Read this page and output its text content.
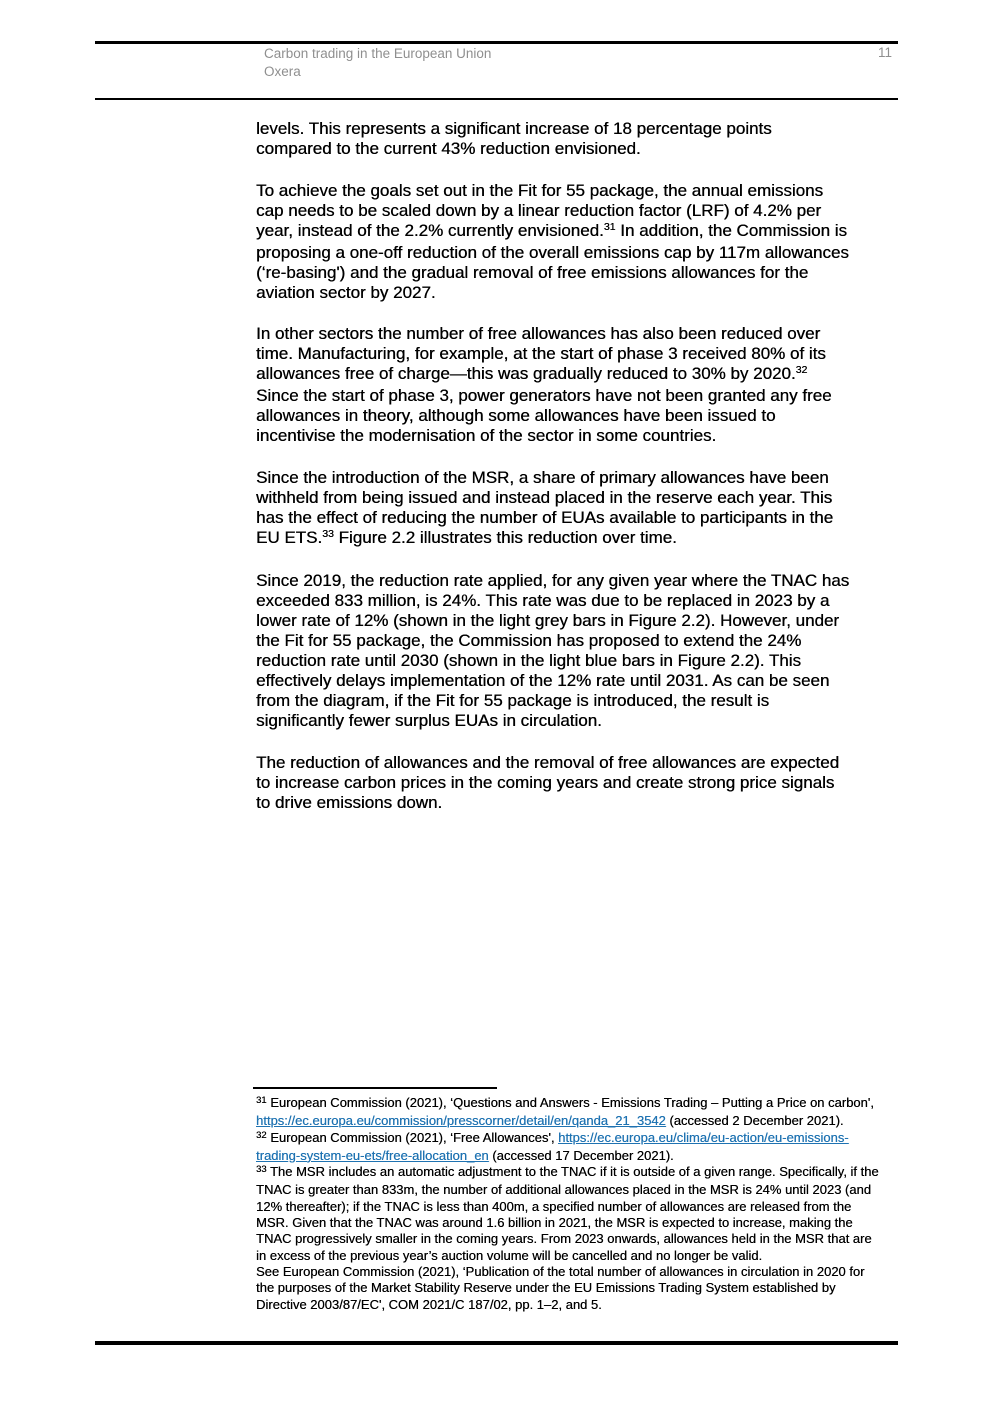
Carbon trading in the European Union
Oxera
11
levels. This represents a significant increase of 18 percentage points
compared to the current 43% reduction envisioned.
To achieve the goals set out in the Fit for 55 package, the annual emissions
cap needs to be scaled down by a linear reduction factor (LRF) of 4.2% per
year, instead of the 2.2% currently envisioned.$^{31}$ In addition, the Commission is
proposing a one-off reduction of the overall emissions cap by 117m allowances
(‘re-basing') and the gradual removal of free emissions allowances for the
aviation sector by 2027.
In other sectors the number of free allowances has also been reduced over
time. Manufacturing, for example, at the start of phase 3 received 80% of its
allowances free of charge—this was gradually reduced to 30% by 2020.32
Since the start of phase 3, power generators have not been granted any free
allowances in theory, although some allowances have been issued to
incentivise the modernisation of the sector in some countries.
Since the introduction of the MSR, a share of primary allowances have been
withheld from being issued and instead placed in the reserve each year. This
has the effect of reducing the number of EUAs available to participants in the
EU ETS.$^{33}$ Figure 2.2 illustrates this reduction over time.
Since 2019, the reduction rate applied, for any given year where the TNAC has
exceeded 833 million, is 24%. This rate was due to be replaced in 2023 by a
lower rate of 12% (shown in the light grey bars in Figure 2.2). However, under
the Fit for 55 package, the Commission has proposed to extend the 24%
reduction rate until 2030 (shown in the light blue bars in Figure 2.2). This
effectively delays implementation of the 12% rate until 2031. As can be seen
from the diagram, if the Fit for 55 package is introduced, the result is
significantly fewer surplus EUAs in circulation.
The reduction of allowances and the removal of free allowances are expected
to increase carbon prices in the coming years and create strong price signals
to drive emissions down.
$^{31}$ European Commission (2021), ‘Questions and Answers - Emissions Trading – Putting a Price on carbon',
https://ec.europa.eu/commission/presscorner/detail/en/qanda_21_3542 (accessed 2 December 2021).
$^{32}$ European Commission (2021), ‘Free Allowances', https://ec.europa.eu/clima/eu-action/eu-emissions-
trading-system-eu-ets/free-allocation_en (accessed 17 December 2021).
$^{33}$ The MSR includes an automatic adjustment to the TNAC if it is outside of a given range. Specifically, if the
TNAC is greater than 833m, the number of additional allowances placed in the MSR is 24% until 2023 (and
12% thereafter); if the TNAC is less than 400m, a specified number of allowances are released from the
MSR. Given that the TNAC was around 1.6 billion in 2021, the MSR is expected to increase, making the
TNAC progressively smaller in the coming years. From 2023 onwards, allowances held in the MSR that are
in excess of the previous year’s auction volume will be cancelled and no longer be valid.
See European Commission (2021), ‘Publication of the total number of allowances in circulation in 2020 for
the purposes of the Market Stability Reserve under the EU Emissions Trading System established by
Directive 2003/87/EC', COM 2021/C 187/02, pp. 1–2, and 5.
